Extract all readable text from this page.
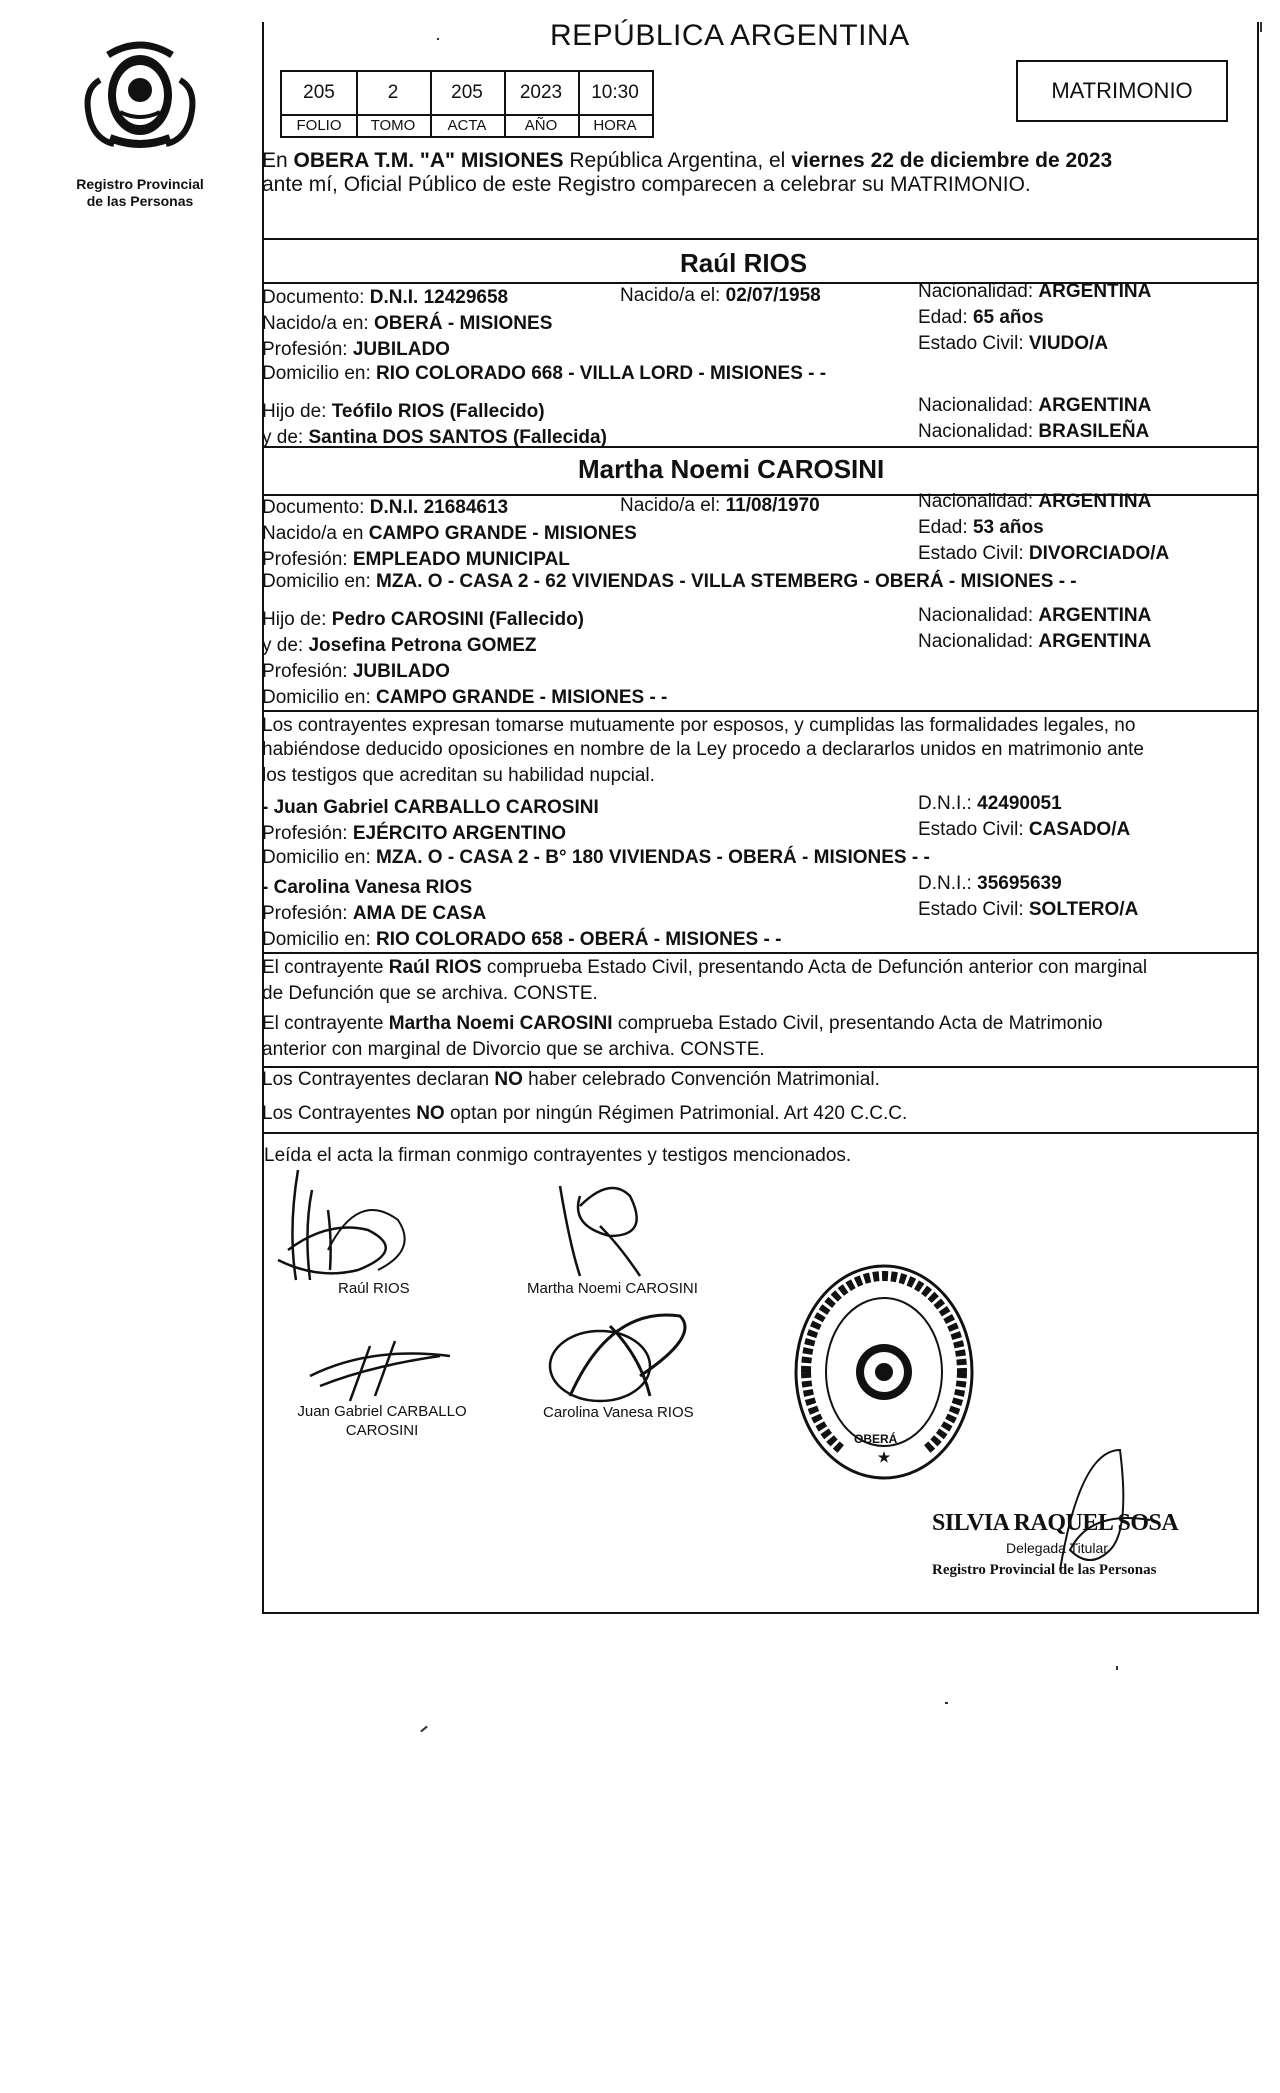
Registro Provincial
de las Personas
REPÚBLICA ARGENTINA
205	2	205	2023	10:30
FOLIO	TOMO	ACTA	AÑO	HORA
MATRIMONIO
En OBERA T.M. "A" MISIONES República Argentina, el viernes 22 de diciembre de 2023
ante mí, Oficial Público de este Registro comparecen a celebrar su MATRIMONIO.
Raúl RIOS
Documento: D.N.I. 12429658	Nacido/a el: 02/07/1958	Nacionalidad: ARGENTINA
Nacido/a en: OBERÁ - MISIONES	Edad: 65 años
Profesión: JUBILADO	Estado Civil: VIUDO/A
Domicilio en: RIO COLORADO 668 - VILLA LORD - MISIONES - -
Hijo de: Teófilo RIOS (Fallecido)	Nacionalidad: ARGENTINA
y de: Santina DOS SANTOS (Fallecida)	Nacionalidad: BRASILEÑA
Martha Noemi CAROSINI
Documento: D.N.I. 21684613	Nacido/a el: 11/08/1970	Nacionalidad: ARGENTINA
Nacido/a en CAMPO GRANDE - MISIONES	Edad: 53 años
Profesión: EMPLEADO MUNICIPAL	Estado Civil: DIVORCIADO/A
Domicilio en: MZA. O - CASA 2 - 62 VIVIENDAS - VILLA STEMBERG - OBERÁ - MISIONES - -
Hijo de: Pedro CAROSINI (Fallecido)	Nacionalidad: ARGENTINA
y de: Josefina Petrona GOMEZ	Nacionalidad: ARGENTINA
Profesión: JUBILADO
Domicilio en: CAMPO GRANDE - MISIONES - -
Los contrayentes expresan tomarse mutuamente por esposos, y cumplidas las formalidades legales, no
habiéndose deducido oposiciones en nombre de la Ley procedo a declararlos unidos en matrimonio ante
los testigos que acreditan su habilidad nupcial.
- Juan Gabriel CARBALLO CAROSINI	D.N.I.: 42490051
Profesión: EJÉRCITO ARGENTINO	Estado Civil: CASADO/A
Domicilio en: MZA. O - CASA 2 - B° 180 VIVIENDAS - OBERÁ - MISIONES - -
- Carolina Vanesa RIOS	D.N.I.: 35695639
Profesión: AMA DE CASA	Estado Civil: SOLTERO/A
Domicilio en: RIO COLORADO 658 - OBERÁ - MISIONES - -
El contrayente Raúl RIOS comprueba Estado Civil, presentando Acta de Defunción anterior con marginal
de Defunción que se archiva. CONSTE.
El contrayente Martha Noemi CAROSINI comprueba Estado Civil, presentando Acta de Matrimonio
anterior con marginal de Divorcio que se archiva. CONSTE.
Los Contrayentes declaran NO haber celebrado Convención Matrimonial.
Los Contrayentes NO optan por ningún Régimen Patrimonial. Art 420 C.C.C.
Leída el acta la firman conmigo contrayentes y testigos mencionados.
Raúl RIOS	Martha Noemi CAROSINI
Juan Gabriel CARBALLO
CAROSINI
Carolina Vanesa RIOS
★
OBERÁ
SILVIA RAQUEL SOSA
Delegada Titular
Registro Provincial de las Personas
